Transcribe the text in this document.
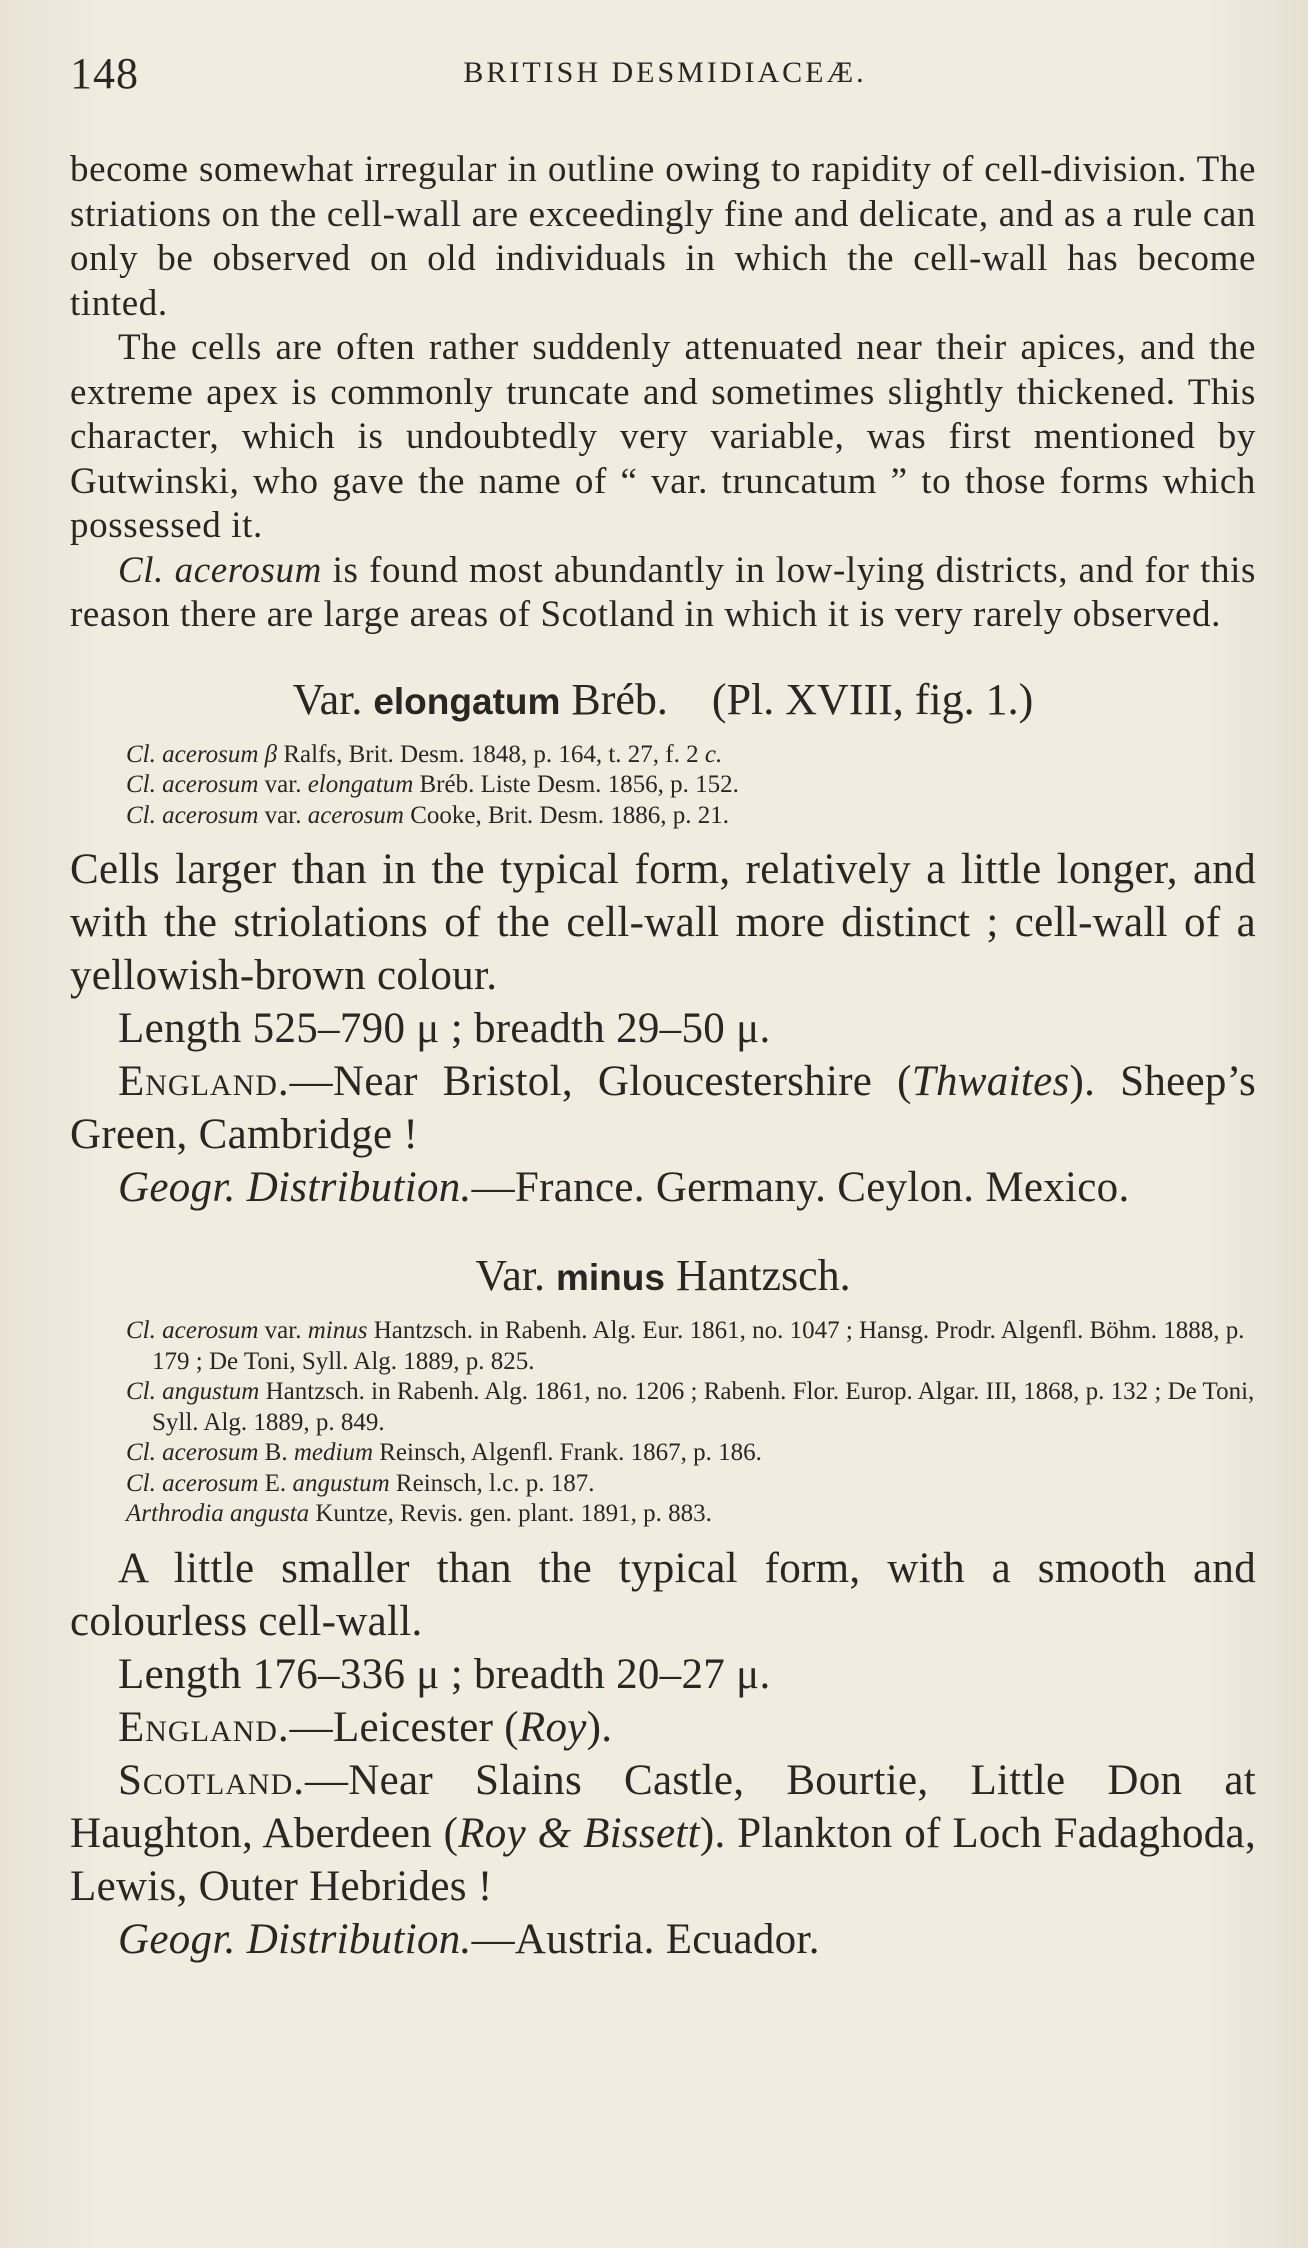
148	BRITISH DESMIDIACEÆ.

become somewhat irregular in outline owing to rapidity of cell-division. The striations on the cell-wall are exceedingly fine and delicate, and as a rule can only be observed on old individuals in which the cell-wall has become tinted.

The cells are often rather suddenly attenuated near their apices, and the extreme apex is commonly truncate and sometimes slightly thickened. This character, which is undoubtedly very variable, was first mentioned by Gutwinski, who gave the name of “ var. truncatum ” to those forms which possessed it.

Cl. acerosum is found most abundantly in low-lying districts, and for this reason there are large areas of Scotland in which it is very rarely observed.

Var. elongatum Bréb. (Pl. XVIII, fig. 1.)
Cl. acerosum β Ralfs, Brit. Desm. 1848, p. 164, t. 27, f. 2 c.
Cl. acerosum var. elongatum Bréb. Liste Desm. 1856, p. 152.
Cl. acerosum var. acerosum Cooke, Brit. Desm. 1886, p. 21.

Cells larger than in the typical form, relatively a little longer, and with the striolations of the cell-wall more distinct ; cell-wall of a yellowish-brown colour.

Length 525–790 μ ; breadth 29–50 μ.

England.—Near Bristol, Gloucestershire (Thwaites). Sheep’s Green, Cambridge !

Geogr. Distribution.—France. Germany. Ceylon. Mexico.

Var. minus Hantzsch.
Cl. acerosum var. minus Hantzsch. in Rabenh. Alg. Eur. 1861, no. 1047 ; Hansg. Prodr. Algenfl. Böhm. 1888, p. 179 ; De Toni, Syll. Alg. 1889, p. 825.
Cl. angustum Hantzsch. in Rabenh. Alg. 1861, no. 1206 ; Rabenh. Flor. Europ. Algar. III, 1868, p. 132 ; De Toni, Syll. Alg. 1889, p. 849.
Cl. acerosum B. medium Reinsch, Algenfl. Frank. 1867, p. 186.
Cl. acerosum E. angustum Reinsch, l.c. p. 187.
Arthrodia angusta Kuntze, Revis. gen. plant. 1891, p. 883.

A little smaller than the typical form, with a smooth and colourless cell-wall.

Length 176–336 μ ; breadth 20–27 μ.

England.—Leicester (Roy).

Scotland.—Near Slains Castle, Bourtie, Little Don at Haughton, Aberdeen (Roy & Bissett). Plankton of Loch Fadaghoda, Lewis, Outer Hebrides !

Geogr. Distribution.—Austria. Ecuador.
